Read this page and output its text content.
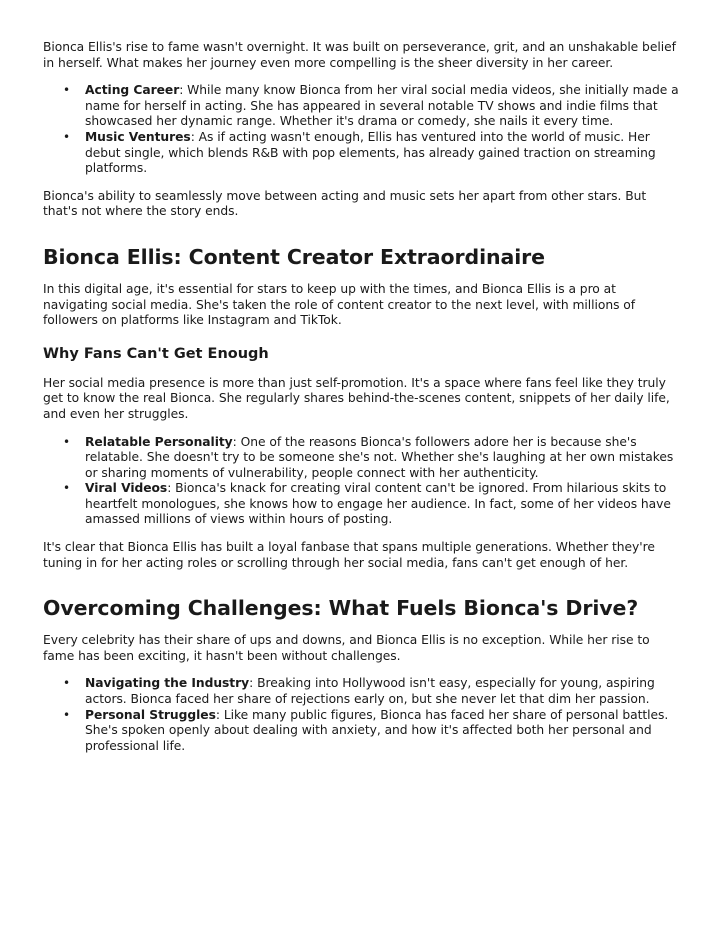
Bionca Ellis's rise to fame wasn't overnight. It was built on perseverance, grit, and an unshakable belief in herself. What makes her journey even more compelling is the sheer diversity in her career.

• Acting Career: While many know Bionca from her viral social media videos, she initially made a name for herself in acting. She has appeared in several notable TV shows and indie films that showcased her dynamic range. Whether it's drama or comedy, she nails it every time.
• Music Ventures: As if acting wasn't enough, Ellis has ventured into the world of music. Her debut single, which blends R&B with pop elements, has already gained traction on streaming platforms.

Bionca's ability to seamlessly move between acting and music sets her apart from other stars. But that's not where the story ends.

Bionca Ellis: Content Creator Extraordinaire

In this digital age, it's essential for stars to keep up with the times, and Bionca Ellis is a pro at navigating social media. She's taken the role of content creator to the next level, with millions of followers on platforms like Instagram and TikTok.

Why Fans Can't Get Enough

Her social media presence is more than just self-promotion. It's a space where fans feel like they truly get to know the real Bionca. She regularly shares behind-the-scenes content, snippets of her daily life, and even her struggles.

• Relatable Personality: One of the reasons Bionca's followers adore her is because she's relatable. She doesn't try to be someone she's not. Whether she's laughing at her own mistakes or sharing moments of vulnerability, people connect with her authenticity.
• Viral Videos: Bionca's knack for creating viral content can't be ignored. From hilarious skits to heartfelt monologues, she knows how to engage her audience. In fact, some of her videos have amassed millions of views within hours of posting.

It's clear that Bionca Ellis has built a loyal fanbase that spans multiple generations. Whether they're tuning in for her acting roles or scrolling through her social media, fans can't get enough of her.

Overcoming Challenges: What Fuels Bionca's Drive?

Every celebrity has their share of ups and downs, and Bionca Ellis is no exception. While her rise to fame has been exciting, it hasn't been without challenges.

• Navigating the Industry: Breaking into Hollywood isn't easy, especially for young, aspiring actors. Bionca faced her share of rejections early on, but she never let that dim her passion.
• Personal Struggles: Like many public figures, Bionca has faced her share of personal battles. She's spoken openly about dealing with anxiety, and how it's affected both her personal and professional life.
